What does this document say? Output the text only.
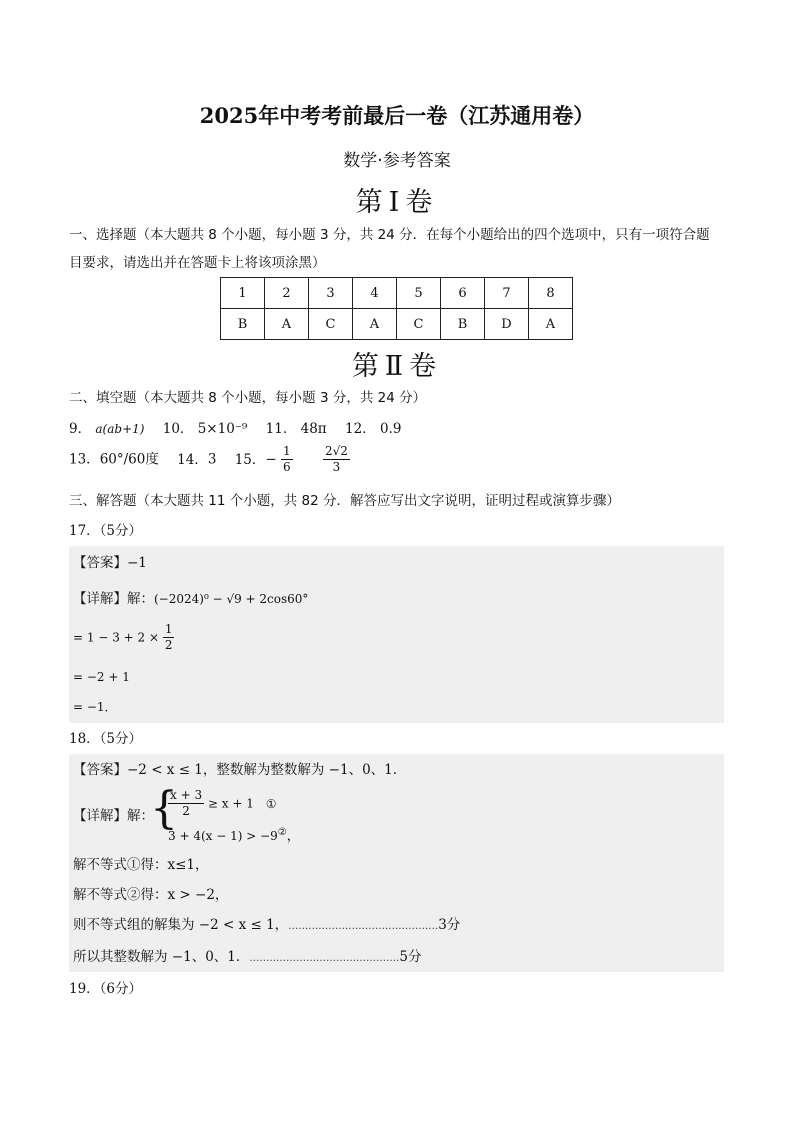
2025年中考考前最后一卷（江苏通用卷）
数学·参考答案
第Ⅰ卷
一、选择题（本大题共 8 个小题，每小题 3 分，共 24 分．在每个小题给出的四个选项中，只有一项符合题
目要求，请选出并在答题卡上将该项涂黑）
1	2	3	4	5	6	7	8
B	A	C	A	C	B	D	A
第Ⅱ卷
二、填空题（本大题共 8 个小题，每小题 3 分，共 24 分）
9． a(ab+1) 10． 5×10⁻⁹ 11． 48π 12． 0.9
13．60°/60度 14．3 15．− $\frac{1}{6}$
	$\frac{2√2}{3}$
三、解答题（本大题共 11 个小题，共 82 分．解答应写出文字说明，证明过程或演算步骤）
17．（5分）
【答案】−1
【详解】解：(−2024)⁰ − √9 + 2cos60°
= $1 - 3 + 2 \times \frac{1}{2}$
= −2 + 1
= −1．
18．（5分）
【答案】−2 < x ≤ 1，整数解为整数解为 −1、0、1．
【详解】解：
{
$\frac{x + 3}{2} \ge x + 1$ ①
3 + 4(x − 1) > −9②，
解不等式①得：x≤1，
解不等式②得：x > −2，
则不等式组的解集为 −2 < x ≤ 1，………………………………………3分
所以其整数解为 −1、0、1．………………………………………5分
19．（6分）
